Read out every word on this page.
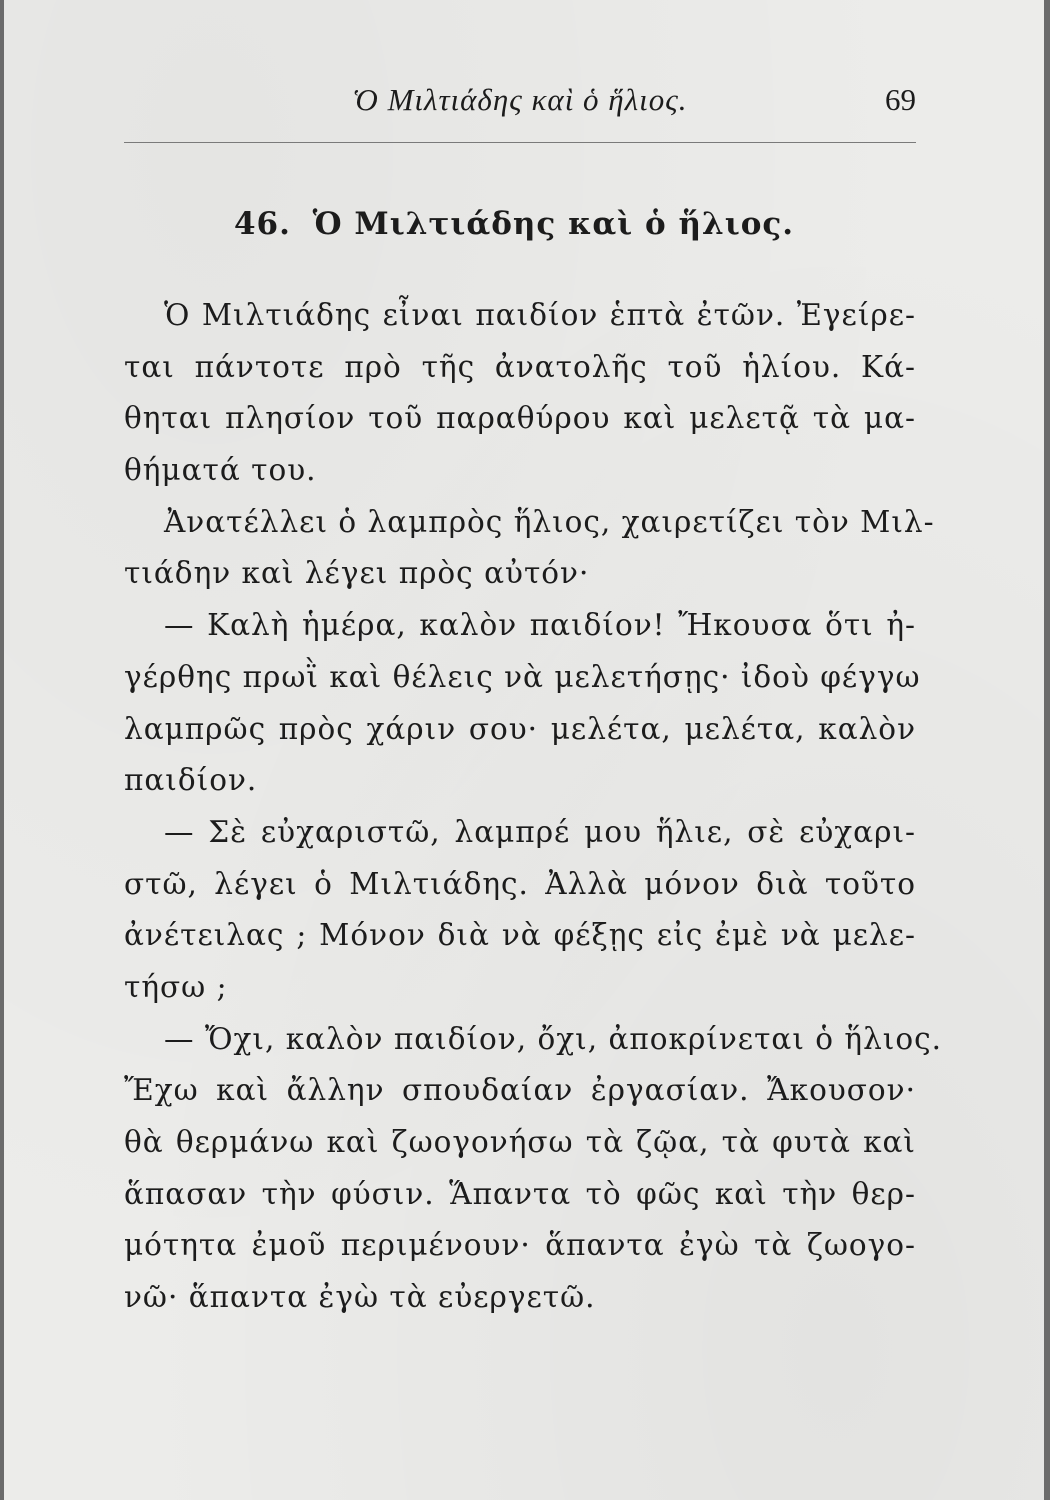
Ὁ Μιλτιάδης καὶ ὁ ἥλιος.	69
46. Ὁ Μιλτιάδης καὶ ὁ ἥλιος.
Ὁ Μιλτιάδης εἶναι παιδίον ἑπτὰ ἐτῶν. Ἐγείρε-
ται πάντοτε πρὸ τῆς ἀνατολῆς τοῦ ἡλίου. Κά-
θηται πλησίον τοῦ παραθύρου καὶ μελετᾷ τὰ μα-
θήματά του.
Ἀνατέλλει ὁ λαμπρὸς ἥλιος, χαιρετίζει τὸν Μιλ-
τιάδην καὶ λέγει πρὸς αὐτόν·
— Καλὴ ἡμέρα, καλὸν παιδίον! Ἤκουσα ὅτι ἠ-
γέρθης πρωῒ καὶ θέλεις νὰ μελετήσῃς· ἰδοὺ φέγγω
λαμπρῶς πρὸς χάριν σου· μελέτα, μελέτα, καλὸν
παιδίον.
— Σὲ εὐχαριστῶ, λαμπρέ μου ἥλιε, σὲ εὐχαρι-
στῶ, λέγει ὁ Μιλτιάδης. Ἀλλὰ μόνον διὰ τοῦτο
ἀνέτειλας ; Μόνον διὰ νὰ φέξῃς εἰς ἐμὲ νὰ μελε-
τήσω ;
— Ὄχι, καλὸν παιδίον, ὄχι, ἀποκρίνεται ὁ ἥλιος.
Ἔχω καὶ ἄλλην σπουδαίαν ἐργασίαν. Ἄκουσον·
θὰ θερμάνω καὶ ζωογονήσω τὰ ζῷα, τὰ φυτὰ καὶ
ἅπασαν τὴν φύσιν. Ἅπαντα τὸ φῶς καὶ τὴν θερ-
μότητα ἐμοῦ περιμένουν· ἅπαντα ἐγὼ τὰ ζωογο-
νῶ· ἅπαντα ἐγὼ τὰ εὐεργετῶ.
